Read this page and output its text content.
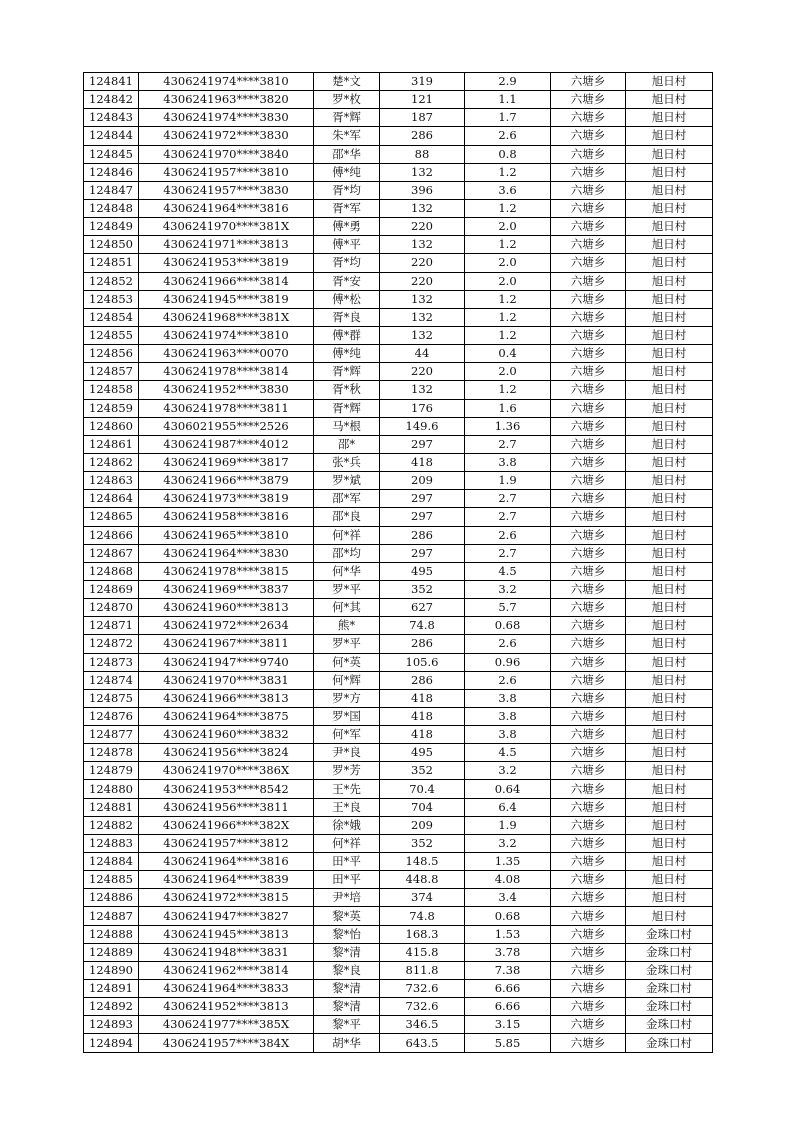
124841	4306241974****3810	楚*文	319	2.9	六塘乡	旭日村
124842	4306241963****3820	罗*枚	121	1.1	六塘乡	旭日村
124843	4306241974****3830	胥*辉	187	1.7	六塘乡	旭日村
124844	4306241972****3830	朱*军	286	2.6	六塘乡	旭日村
124845	4306241970****3840	邵*华	88	0.8	六塘乡	旭日村
124846	4306241957****3810	傅*纯	132	1.2	六塘乡	旭日村
124847	4306241957****3830	胥*均	396	3.6	六塘乡	旭日村
124848	4306241964****3816	胥*军	132	1.2	六塘乡	旭日村
124849	4306241970****381X	傅*勇	220	2.0	六塘乡	旭日村
124850	4306241971****3813	傅*平	132	1.2	六塘乡	旭日村
124851	4306241953****3819	胥*均	220	2.0	六塘乡	旭日村
124852	4306241966****3814	胥*安	220	2.0	六塘乡	旭日村
124853	4306241945****3819	傅*松	132	1.2	六塘乡	旭日村
124854	4306241968****381X	胥*良	132	1.2	六塘乡	旭日村
124855	4306241974****3810	傅*群	132	1.2	六塘乡	旭日村
124856	4306241963****0070	傅*纯	44	0.4	六塘乡	旭日村
124857	4306241978****3814	胥*辉	220	2.0	六塘乡	旭日村
124858	4306241952****3830	胥*秋	132	1.2	六塘乡	旭日村
124859	4306241978****3811	胥*辉	176	1.6	六塘乡	旭日村
124860	4306021955****2526	马*根	149.6	1.36	六塘乡	旭日村
124861	4306241987****4012	邵*	297	2.7	六塘乡	旭日村
124862	4306241969****3817	张*兵	418	3.8	六塘乡	旭日村
124863	4306241966****3879	罗*斌	209	1.9	六塘乡	旭日村
124864	4306241973****3819	邵*军	297	2.7	六塘乡	旭日村
124865	4306241958****3816	邵*良	297	2.7	六塘乡	旭日村
124866	4306241965****3810	何*祥	286	2.6	六塘乡	旭日村
124867	4306241964****3830	邵*均	297	2.7	六塘乡	旭日村
124868	4306241978****3815	何*华	495	4.5	六塘乡	旭日村
124869	4306241969****3837	罗*平	352	3.2	六塘乡	旭日村
124870	4306241960****3813	何*其	627	5.7	六塘乡	旭日村
124871	4306241972****2634	熊*	74.8	0.68	六塘乡	旭日村
124872	4306241967****3811	罗*平	286	2.6	六塘乡	旭日村
124873	4306241947****9740	何*英	105.6	0.96	六塘乡	旭日村
124874	4306241970****3831	何*辉	286	2.6	六塘乡	旭日村
124875	4306241966****3813	罗*方	418	3.8	六塘乡	旭日村
124876	4306241964****3875	罗*国	418	3.8	六塘乡	旭日村
124877	4306241960****3832	何*军	418	3.8	六塘乡	旭日村
124878	4306241956****3824	尹*良	495	4.5	六塘乡	旭日村
124879	4306241970****386X	罗*芳	352	3.2	六塘乡	旭日村
124880	4306241953****8542	王*先	70.4	0.64	六塘乡	旭日村
124881	4306241956****3811	王*良	704	6.4	六塘乡	旭日村
124882	4306241966****382X	徐*娥	209	1.9	六塘乡	旭日村
124883	4306241957****3812	何*祥	352	3.2	六塘乡	旭日村
124884	4306241964****3816	田*平	148.5	1.35	六塘乡	旭日村
124885	4306241964****3839	田*平	448.8	4.08	六塘乡	旭日村
124886	4306241972****3815	尹*培	374	3.4	六塘乡	旭日村
124887	4306241947****3827	黎*英	74.8	0.68	六塘乡	旭日村
124888	4306241945****3813	黎*怡	168.3	1.53	六塘乡	金珠口村
124889	4306241948****3831	黎*清	415.8	3.78	六塘乡	金珠口村
124890	4306241962****3814	黎*良	811.8	7.38	六塘乡	金珠口村
124891	4306241964****3833	黎*清	732.6	6.66	六塘乡	金珠口村
124892	4306241952****3813	黎*清	732.6	6.66	六塘乡	金珠口村
124893	4306241977****385X	黎*平	346.5	3.15	六塘乡	金珠口村
124894	4306241957****384X	胡*华	643.5	5.85	六塘乡	金珠口村
